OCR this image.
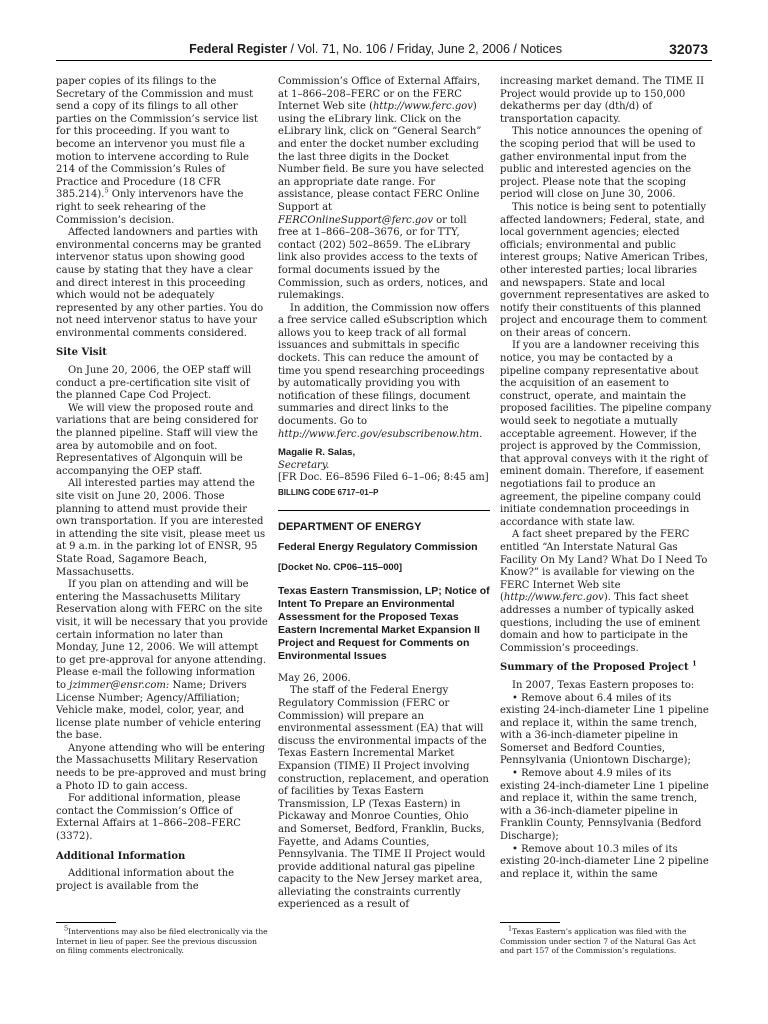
Federal Register / Vol. 71, No. 106 / Friday, June 2, 2006 / Notices	32073

paper copies of its filings to the Secretary of the Commission and must send a copy of its filings to all other parties on the Commission’s service list for this proceeding. If you want to become an intervenor you must file a motion to intervene according to Rule 214 of the Commission’s Rules of Practice and Procedure (18 CFR 385.214).$^5$ Only intervenors have the right to seek rehearing of the Commission’s decision.

Affected landowners and parties with environmental concerns may be granted intervenor status upon showing good cause by stating that they have a clear and direct interest in this proceeding which would not be adequately represented by any other parties. You do not need intervenor status to have your environmental comments considered.

Site Visit

On June 20, 2006, the OEP staff will conduct a pre-certification site visit of the planned Cape Cod Project.

We will view the proposed route and variations that are being considered for the planned pipeline. Staff will view the area by automobile and on foot. Representatives of Algonquin will be accompanying the OEP staff.

All interested parties may attend the site visit on June 20, 2006. Those planning to attend must provide their own transportation. If you are interested in attending the site visit, please meet us at 9 a.m. in the parking lot of ENSR, 95 State Road, Sagamore Beach, Massachusetts.

If you plan on attending and will be entering the Massachusetts Military Reservation along with FERC on the site visit, it will be necessary that you provide certain information no later than Monday, June 12, 2006. We will attempt to get pre-approval for anyone attending. Please e-mail the following information to jzimmer@ensr.com: Name; Drivers License Number; Agency/Affiliation; Vehicle make, model, color, year, and license plate number of vehicle entering the base.

Anyone attending who will be entering the Massachusetts Military Reservation needs to be pre-approved and must bring a Photo ID to gain access.

For additional information, please contact the Commission’s Office of External Affairs at 1–866–208–FERC (3372).

Additional Information

Additional information about the project is available from the

$^5$Interventions may also be filed electronically via the Internet in lieu of paper. See the previous discussion on filing comments electronically.

Commission’s Office of External Affairs, at 1–866–208–FERC or on the FERC Internet Web site (http://www.ferc.gov) using the eLibrary link. Click on the eLibrary link, click on “General Search” and enter the docket number excluding the last three digits in the Docket Number field. Be sure you have selected an appropriate date range. For assistance, please contact FERC Online Support at FERCOnlineSupport@ferc.gov or toll free at 1–866–208–3676, or for TTY, contact (202) 502–8659. The eLibrary link also provides access to the texts of formal documents issued by the Commission, such as orders, notices, and rulemakings.

In addition, the Commission now offers a free service called eSubscription which allows you to keep track of all formal issuances and submittals in specific dockets. This can reduce the amount of time you spend researching proceedings by automatically providing you with notification of these filings, document summaries and direct links to the documents. Go to http://www.ferc.gov/esubscribenow.htm.

Magalie R. Salas,
Secretary.
[FR Doc. E6–8596 Filed 6–1–06; 8:45 am]
BILLING CODE 6717–01–P
DEPARTMENT OF ENERGY
Federal Energy Regulatory Commission
[Docket No. CP06–115–000]
Texas Eastern Transmission, LP; Notice of Intent To Prepare an Environmental Assessment for the Proposed Texas Eastern Incremental Market Expansion II Project and Request for Comments on Environmental Issues

May 26, 2006.

The staff of the Federal Energy Regulatory Commission (FERC or Commission) will prepare an environmental assessment (EA) that will discuss the environmental impacts of the Texas Eastern Incremental Market Expansion (TIME) II Project involving construction, replacement, and operation of facilities by Texas Eastern Transmission, LP (Texas Eastern) in Pickaway and Monroe Counties, Ohio and Somerset, Bedford, Franklin, Bucks, Fayette, and Adams Counties, Pennsylvania. The TIME II Project would provide additional natural gas pipeline capacity to the New Jersey market area, alleviating the constraints currently experienced as a result of

increasing market demand. The TIME II Project would provide up to 150,000 dekatherms per day (dth/d) of transportation capacity.

This notice announces the opening of the scoping period that will be used to gather environmental input from the public and interested agencies on the project. Please note that the scoping period will close on June 30, 2006.

This notice is being sent to potentially affected landowners; Federal, state, and local government agencies; elected officials; environmental and public interest groups; Native American Tribes, other interested parties; local libraries and newspapers. State and local government representatives are asked to notify their constituents of this planned project and encourage them to comment on their areas of concern.

If you are a landowner receiving this notice, you may be contacted by a pipeline company representative about the acquisition of an easement to construct, operate, and maintain the proposed facilities. The pipeline company would seek to negotiate a mutually acceptable agreement. However, if the project is approved by the Commission, that approval conveys with it the right of eminent domain. Therefore, if easement negotiations fail to produce an agreement, the pipeline company could initiate condemnation proceedings in accordance with state law.

A fact sheet prepared by the FERC entitled “An Interstate Natural Gas Facility On My Land? What Do I Need To Know?” is available for viewing on the FERC Internet Web site (http://www.ferc.gov). This fact sheet addresses a number of typically asked questions, including the use of eminent domain and how to participate in the Commission’s proceedings.

Summary of the Proposed Project $^1$

In 2007, Texas Eastern proposes to:

• Remove about 6.4 miles of its existing 24-inch-diameter Line 1 pipeline and replace it, within the same trench, with a 36-inch-diameter pipeline in Somerset and Bedford Counties, Pennsylvania (Uniontown Discharge);

• Remove about 4.9 miles of its existing 24-inch-diameter Line 1 pipeline and replace it, within the same trench, with a 36-inch-diameter pipeline in Franklin County, Pennsylvania (Bedford Discharge);

• Remove about 10.3 miles of its existing 20-inch-diameter Line 2 pipeline and replace it, within the same

$^1$Texas Eastern’s application was filed with the Commission under section 7 of the Natural Gas Act and part 157 of the Commission’s regulations.
